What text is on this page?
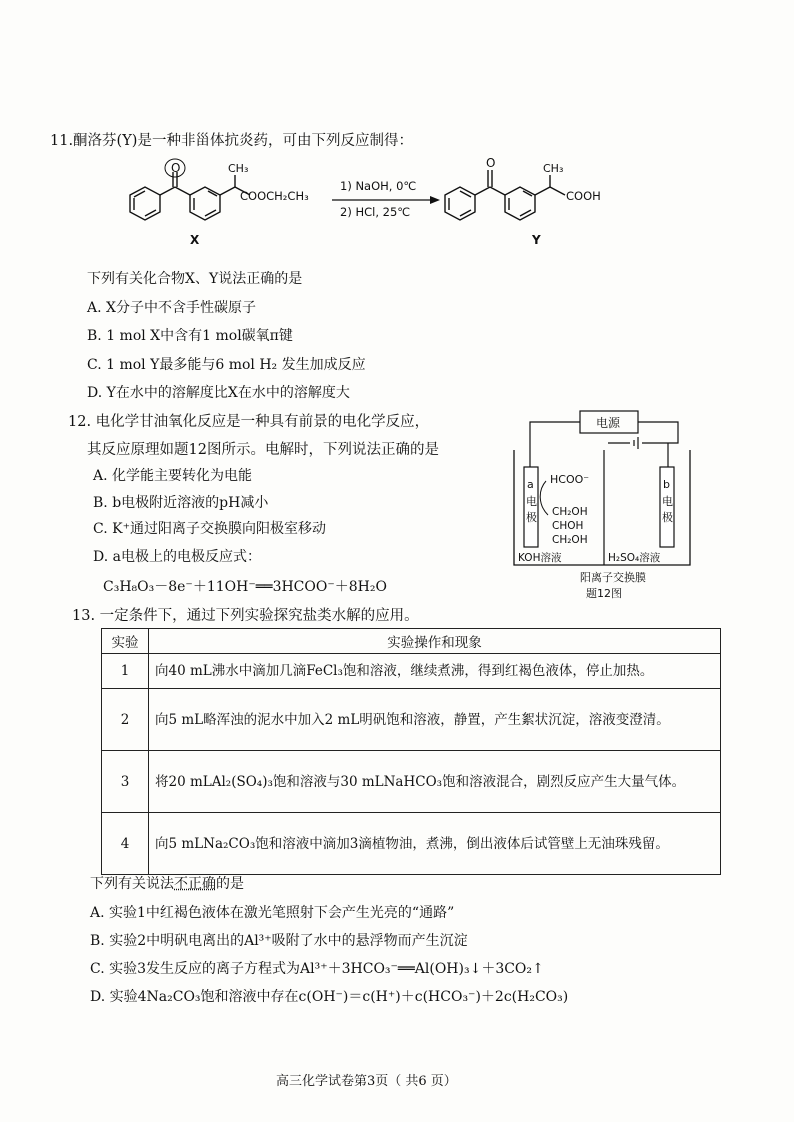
11.酮洛芬(Y)是一种非甾体抗炎药，可由下列反应制得：
O	CH₃
COOCH₂CH₃
X
1) NaOH, 0℃
2) HCl, 25℃
O	CH₃
COOH
Y
下列有关化合物X、Y说法正确的是
A. X分子中不含手性碳原子
B. 1 mol X中含有1 mol碳氧π键
C. 1 mol Y最多能与6 mol H₂ 发生加成反应
D. Y在水中的溶解度比X在水中的溶解度大
12. 电化学甘油氧化反应是一种具有前景的电化学反应，
其反应原理如题12图所示。电解时，下列说法正确的是
A. 化学能主要转化为电能
B. b电极附近溶液的pH减小
C. K⁺通过阳离子交换膜向阳极室移动
D. a电极上的电极反应式：
C₃H₈O₃－8e⁻＋11OH⁻══3HCOO⁻＋8H₂O
电源
a
电
极
b
电
极
HCOO⁻
CH₂OH
CHOH
CH₂OH
KOH溶液	H₂SO₄溶液
阳离子交换膜
题12图
13. 一定条件下，通过下列实验探究盐类水解的应用。
实验	实验操作和现象
1	向40 mL沸水中滴加几滴FeCl₃饱和溶液，继续煮沸，得到红褐色液体，停止加热。
2	向5 mL略浑浊的泥水中加入2 mL明矾饱和溶液，静置，产生絮状沉淀，溶液变澄清。
3	将20 mLAl₂(SO₄)₃饱和溶液与30 mLNaHCO₃饱和溶液混合，剧烈反应产生大量气体。
4	向5 mLNa₂CO₃饱和溶液中滴加3滴植物油，煮沸，倒出液体后试管壁上无油珠残留。
下列有关说法不正确的是
A. 实验1中红褐色液体在激光笔照射下会产生光亮的“通路”
B. 实验2中明矾电离出的Al³⁺吸附了水中的悬浮物而产生沉淀
C. 实验3发生反应的离子方程式为Al³⁺＋3HCO₃⁻══Al(OH)₃↓＋3CO₂↑
D. 实验4Na₂CO₃饱和溶液中存在c(OH⁻)＝c(H⁺)＋c(HCO₃⁻)＋2c(H₂CO₃)
高三化学试卷第3页（ 共6 页）
